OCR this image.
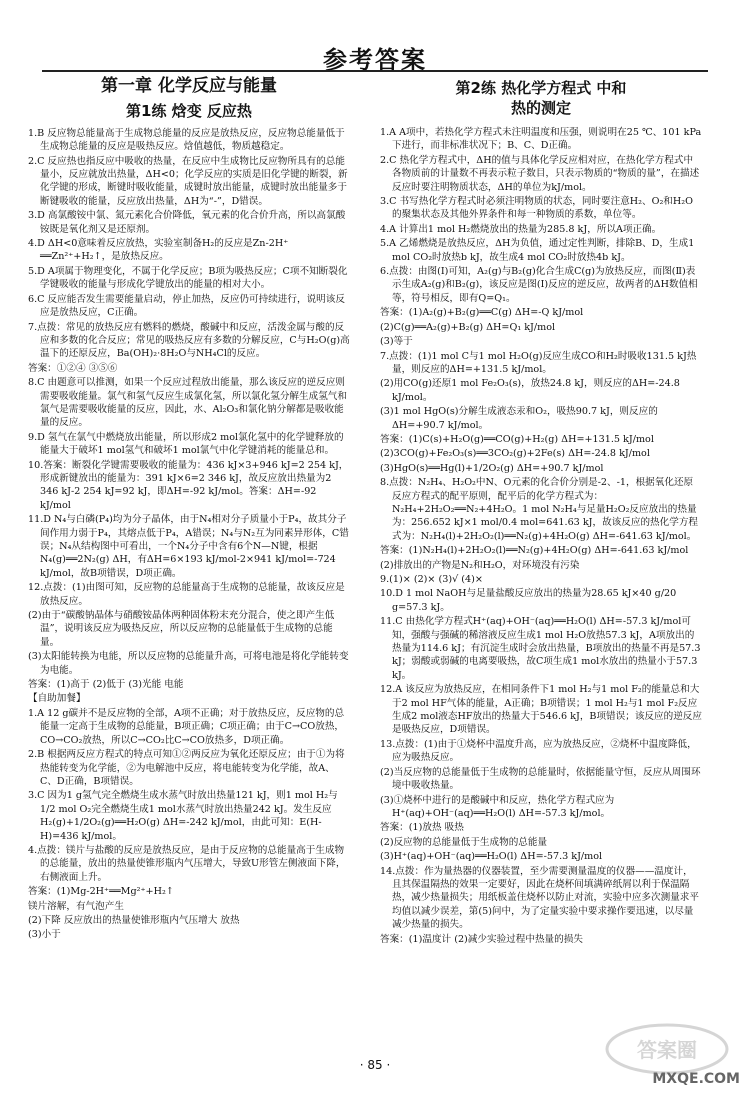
参考答案
第一章 化学反应与能量
第1练 焓变 反应热
1.B 反应物总能量高于生成物总能量的反应是放热反应，反应物总能量低于生成物总能量的反应是吸热反应。焓值越低，物质越稳定。
2.C 反应热也指反应中吸收的热量，在反应中生成物比反应物所具有的总能量小，反应就放出热量，ΔH<0；化学反应的实质是旧化学键的断裂，新化学键的形成，断键时吸收能量，成键时放出能量，成键时放出能量多于断键吸收的能量，反应放出热量，ΔH为“-”，D错误。
3.D 高氯酸铵中氯、氮元素化合价降低，氧元素的化合价升高，所以高氯酸铵既是氧化剂又是还原剂。
4.D ΔH<0意味着反应放热，实验室制备H₂的反应是Zn-2H⁺ ══Zn²⁺+H₂↑，是放热反应。
5.D A项属于物理变化，不属于化学反应；B项为吸热反应；C项不知断裂化学键吸收的能量与形成化学键放出的能量的相对大小。
6.C 反应能否发生需要能量启动，停止加热，反应仍可持续进行，说明该反应是放热反应，C正确。
7.点拨：常见的放热反应有燃料的燃烧，酸碱中和反应，活泼金属与酸的反应和多数的化合反应；常见的吸热反应有多数的分解反应，C与H₂O(g)高温下的还原反应，Ba(OH)₂·8H₂O与NH₄Cl的反应。
答案：①②④ ③⑤⑥
8.C 由题意可以推测，如果一个反应过程放出能量，那么该反应的逆反应则需要吸收能量。氯气和氢气反应生成氯化氢，所以氯化氢分解生成氢气和氯气是需要吸收能量的反应，因此，水、Al₂O₃和氯化钠分解都是吸收能量的反应。
9.D 氢气在氯气中燃烧放出能量，所以形成2 mol氯化氢中的化学键释放的能量大于破坏1 mol氢气和破坏1 mol氯气中化学键消耗的能量总和。
10.答案：断裂化学键需要吸收的能量为：436 kJ×3+946 kJ=2 254 kJ，形成新键放出的能量为：391 kJ×6=2 346 kJ，故反应放出热量为2 346 kJ-2 254 kJ=92 kJ，即ΔH=-92 kJ/mol。答案：ΔH=-92 kJ/mol
11.D N₄与白磷(P₄)均为分子晶体，由于N₄相对分子质量小于P₄，故其分子间作用力弱于P₄，其熔点低于P₄，A错误；N₄与N₂互为同素异形体，C错误；N₄从结构图中可看出，一个N₄分子中含有6个N—N键，根据N₄(g)══2N₂(g) ΔH，有ΔH=6×193 kJ/mol-2×941 kJ/mol=-724 kJ/mol，故B项错误，D项正确。
12.点拨：(1)由图可知，反应物的总能量高于生成物的总能量，故该反应是放热反应。
(2)由于“碳酸钠晶体与硝酸铵晶体两种固体粉末充分混合，使之即产生低温”，说明该反应为吸热反应，所以反应物的总能量低于生成物的总能量。
(3)太阳能转换为电能，所以反应物的总能量升高，可将电池是将化学能转变为电能。
答案：(1)高于 (2)低于 (3)光能 电能
【自助加餐】
1.A 12 g碳并不是反应物的全部，A项不正确；对于放热反应，反应物的总能量一定高于生成物的总能量，B项正确；C项正确；由于C→CO放热，CO→CO₂放热，所以C→CO₂比C→CO放热多，D项正确。
2.B 根据两反应方程式的特点可知①②两反应为氧化还原反应；由于①为将热能转变为化学能，②为电解池中反应，将电能转变为化学能，故A、C、D正确，B项错误。
3.C 因为1 g氢气完全燃烧生成水蒸气时放出热量121 kJ，则1 mol H₂与1/2 mol O₂完全燃烧生成1 mol水蒸气时放出热量242 kJ。发生反应H₂(g)+1/2O₂(g)══H₂O(g) ΔH=-242 kJ/mol，由此可知：E(H-H)=436 kJ/mol。
4.点拨：镁片与盐酸的反应是放热反应，是由于反应物的总能量高于生成物的总能量，放出的热量使锥形瓶内气压增大，导致U形管左侧液面下降，右侧液面上升。
答案：(1)Mg-2H⁺══Mg²⁺+H₂↑
镁片溶解，有气泡产生
(2)下降 反应放出的热量使锥形瓶内气压增大 放热
(3)小于
第2练 热化学方程式 中和
热的测定
1.A A项中，若热化学方程式未注明温度和压强，则说明在25 ℃、101 kPa下进行，而非标准状况下；B、C、D正确。
2.C 热化学方程式中，ΔH的值与具体化学反应相对应，在热化学方程式中各物质前的计量数不再表示粒子数目，只表示物质的“物质的量”，在描述反应时要注明物质状态，ΔH的单位为kJ/mol。
3.C 书写热化学方程式时必须注明物质的状态，同时要注意H₂、O₂和H₂O的聚集状态及其他外界条件和每一种物质的系数，单位等。
4.A 计算出1 mol H₂燃烧放出的热量为285.8 kJ，所以A项正确。
5.A 乙烯燃烧是放热反应，ΔH为负值，通过定性判断，排除B、D，生成1 mol CO₂时放热b kJ，故生成4 mol CO₂时放热4b kJ。
6.点拨：由图(Ⅰ)可知，A₂(g)与B₂(g)化合生成C(g)为放热反应，而图(Ⅱ)表示生成A₂(g)和B₂(g)，该反应是图(Ⅰ)反应的逆反应，故两者的ΔH数值相等，符号相反，即有Q=Q₁。
答案：(1)A₂(g)+B₂(g)══C(g) ΔH=-Q kJ/mol
(2)C(g)══A₂(g)+B₂(g) ΔH=Q₁ kJ/mol
(3)等于
7.点拨：(1)1 mol C与1 mol H₂O(g)反应生成CO和H₂时吸收131.5 kJ热量，则反应的ΔH=+131.5 kJ/mol。
(2)用CO(g)还原1 mol Fe₂O₃(s)，放热24.8 kJ，则反应的ΔH=-24.8 kJ/mol。
(3)1 mol HgO(s)分解生成液态汞和O₂，吸热90.7 kJ，则反应的ΔH=+90.7 kJ/mol。
答案：(1)C(s)+H₂O(g)══CO(g)+H₂(g) ΔH=+131.5 kJ/mol
(2)3CO(g)+Fe₂O₃(s)══3CO₂(g)+2Fe(s) ΔH=-24.8 kJ/mol
(3)HgO(s)══Hg(l)+1/2O₂(g) ΔH=+90.7 kJ/mol
8.点拨：N₂H₄、H₂O₂中N、O元素的化合价分别是-2、-1，根据氧化还原反应方程式的配平原则，配平后的化学方程式为：N₂H₄+2H₂O₂══N₂+4H₂O。1 mol N₂H₄与足量H₂O₂反应放出的热量为：256.652 kJ×1 mol/0.4 mol=641.63 kJ，故该反应的热化学方程式为：N₂H₄(l)+2H₂O₂(l)══N₂(g)+4H₂O(g) ΔH=-641.63 kJ/mol。
答案：(1)N₂H₄(l)+2H₂O₂(l)══N₂(g)+4H₂O(g) ΔH=-641.63 kJ/mol
(2)排放出的产物是N₂和H₂O，对环境没有污染
9.(1)× (2)× (3)√ (4)×
10.D 1 mol NaOH与足量盐酸反应放出的热量为28.65 kJ×40 g/20 g=57.3 kJ。
11.C 由热化学方程式H⁺(aq)+OH⁻(aq)══H₂O(l) ΔH=-57.3 kJ/mol可知，强酸与强碱的稀溶液反应生成1 mol H₂O放热57.3 kJ，A项放出的热量为114.6 kJ；有沉淀生成时会放出热量，B项放出的热量不再是57.3 kJ；弱酸或弱碱的电离要吸热，故C项生成1 mol水放出的热量小于57.3 kJ。
12.A 该反应为放热反应，在相同条件下1 mol H₂与1 mol F₂的能量总和大于2 mol HF气体的能量，A正确；B项错误；1 mol H₂与1 mol F₂反应生成2 mol液态HF放出的热量大于546.6 kJ，B项错误；该反应的逆反应是吸热反应，D项错误。
13.点拨：(1)由于①烧杯中温度升高，应为放热反应，②烧杯中温度降低，应为吸热反应。
(2)当反应物的总能量低于生成物的总能量时，依据能量守恒，反应从周围环境中吸收热量。
(3)①烧杯中进行的是酸碱中和反应，热化学方程式应为H⁺(aq)+OH⁻(aq)══H₂O(l) ΔH=-57.3 kJ/mol。
答案：(1)放热 吸热
(2)反应物的总能量低于生成物的总能量
(3)H⁺(aq)+OH⁻(aq)══H₂O(l) ΔH=-57.3 kJ/mol
14.点拨：作为量热器的仪器装置，至少需要测量温度的仪器——温度计，且其保温隔热的效果一定要好，因此在烧杯间填满碎纸屑以利于保温隔热，减少热量损失；用纸板盖住烧杯以防止对流，实验中应多次测量求平均值以减少误差，第(5)问中，为了定量实验中要求操作要迅速，以尽量减少热量的损失。
答案：(1)温度计 (2)减少实验过程中热量的损失
· 85 ·
答案圈
MXQE.COM
